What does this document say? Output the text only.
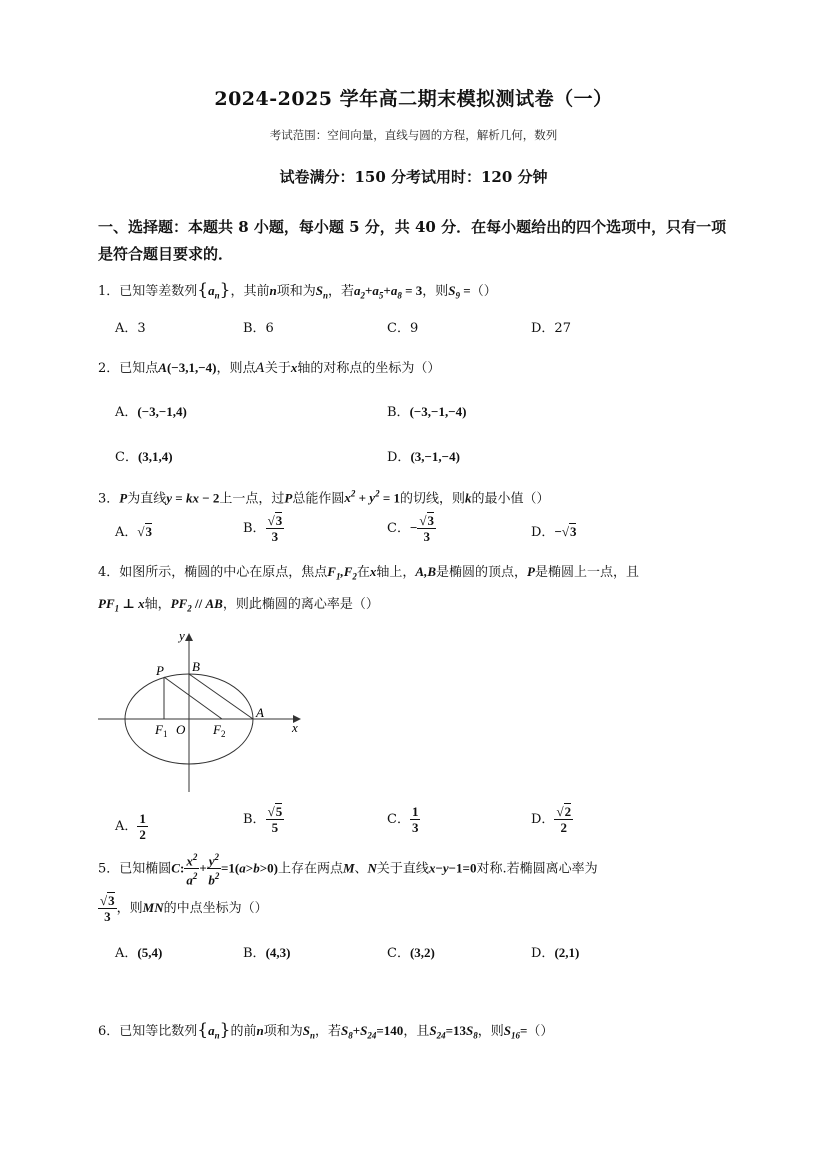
2024-2025 学年高二期末模拟测试卷（一）
考试范围：空间向量，直线与圆的方程，解析几何，数列
试卷满分：150 分考试用时：120 分钟
一、选择题：本题共 8 小题，每小题 5 分，共 40 分．在每小题给出的四个选项中，只有一项是符合题目要求的．
1．已知等差数列$\{a_n\}$，其前n项和为$S_n$，若$a_2+a_5+a_8 = 3$，则$S_9$ =（）
A．3	B．6	C．9	D．27
2．已知点A(−3,1,−4)，则点A关于x轴的对称点的坐标为（）
A．(−3,−1,4)	B．(−3,−1,−4)
C．(3,1,4)	D．(3,−1,−4)
3．P为直线y = kx − 2上一点，过P总能作圆$x^2 + y^2 = 1$的切线，则k的最小值（）
A．√3	B． $\frac{√3}{3}$	C．− $\frac{√3}{3}$	D．−√3
4．如图所示，椭圆的中心在原点，焦点$F_1,F_2$在x轴上，A,B是椭圆的顶点，P是椭圆上一点，且
$PF_1$ ⊥ x轴，$PF_2$ // AB，则此椭圆的离心率是（）
y
x
P B
O
$F_1$	$F_2$
A
A． $\frac{1}{2}$	B． $\frac{√5}{5}$	C． $\frac{1}{3}$	D． $\frac{√2}{2}$
5．已知椭圆C: $\frac{x^2}{a^2} + \frac{y^2}{b^2} =1(a>b>0)$上存在两点M、N关于直线x−y−1=0对称.若椭圆离心率为
$\frac{√3}{3}$ ，则MN的中点坐标为（）
A．(5,4)	B．(4,3)	C．(3,2)	D．(2,1)
6．已知等比数列$\{a_n\}$的前n项和为$S_n$，若$S_8+S_{24}=140$，且$S_{24}=13S_8$，则$S_{16}=()$
